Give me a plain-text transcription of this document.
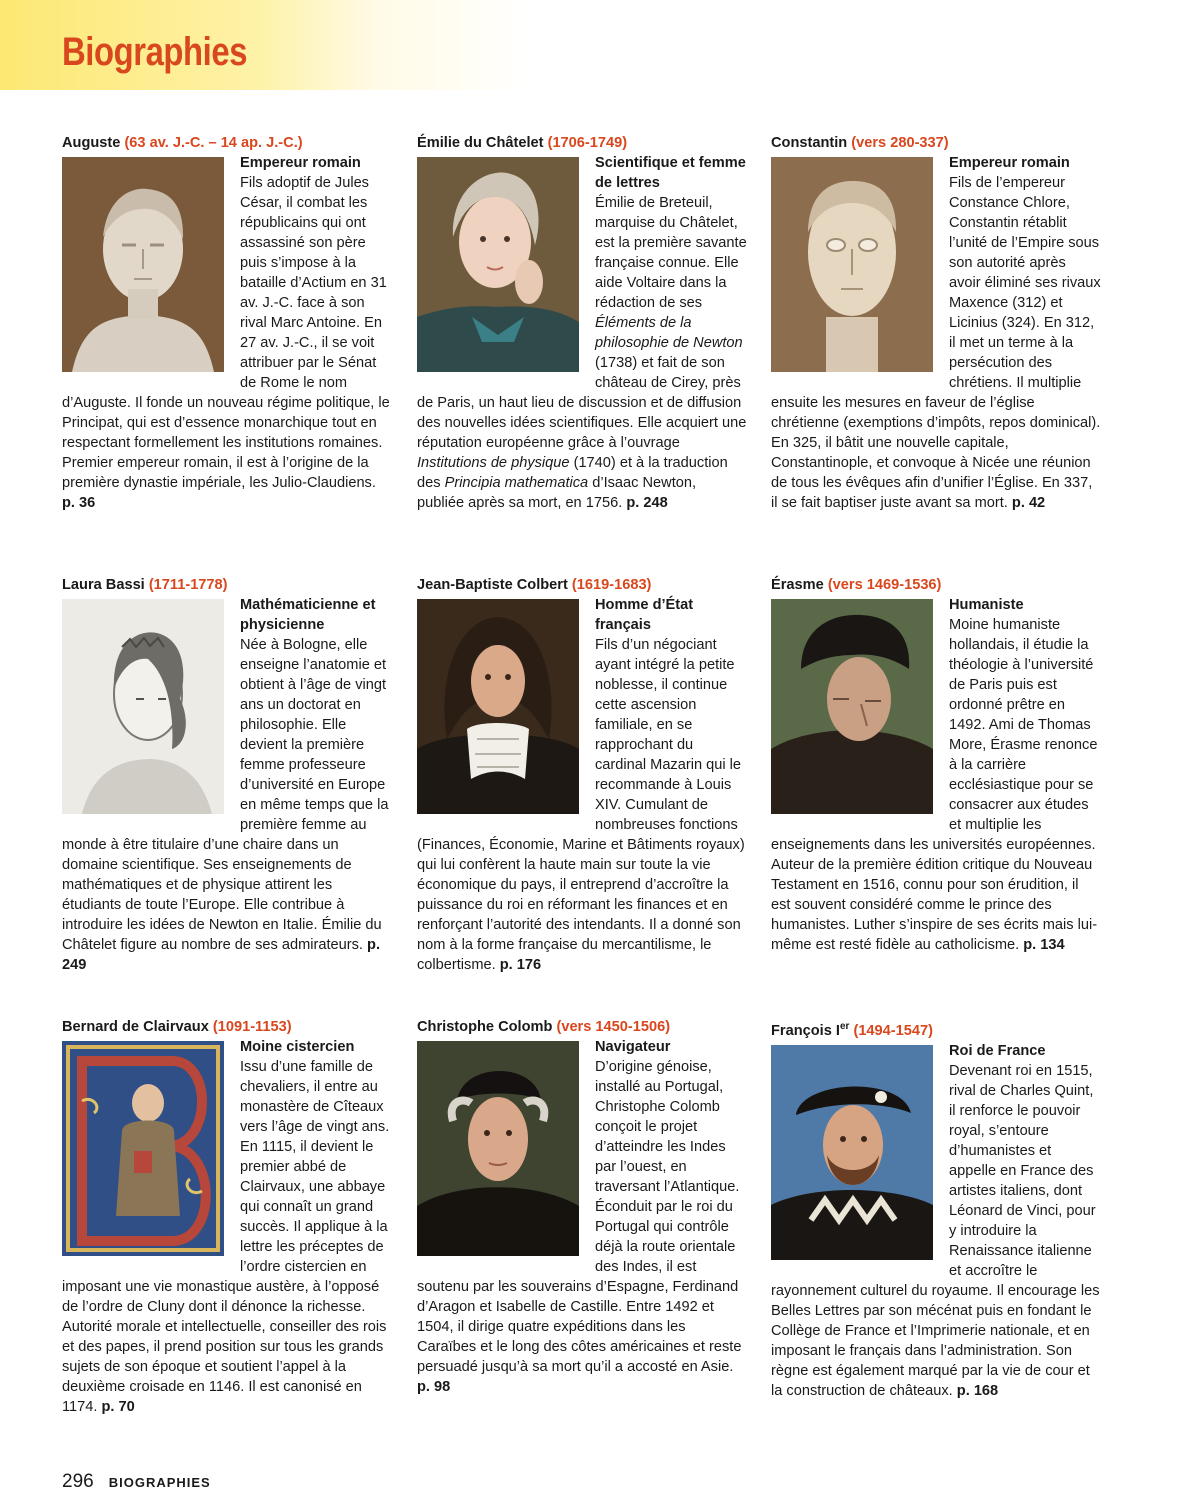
Biographies
Auguste (63 av. J.-C. – 14 ap. J.-C.)
Empereur romain
Fils adoptif de Jules César, il combat les républicains qui ont assassiné son père puis s’impose à la bataille d’Actium en 31 av. J.-C. face à son rival Marc Antoine. En 27 av. J.-C., il se voit attribuer par le Sénat de Rome le nom d’Auguste. Il fonde un nouveau régime politique, le Principat, qui est d’essence monarchique tout en respectant formellement les institutions romaines. Premier empereur romain, il est à l’origine de la première dynastie impériale, les Julio-Claudiens. p. 36
Émilie du Châtelet (1706-1749)
Scientifique et femme de lettres
Émilie de Breteuil, marquise du Châtelet, est la première savante française connue. Elle aide Voltaire dans la rédaction de ses Éléments de la philosophie de Newton (1738) et fait de son château de Cirey, près de Paris, un haut lieu de discussion et de diffusion des nouvelles idées scientifiques. Elle acquiert une réputation européenne grâce à l’ouvrage Institutions de physique (1740) et à la traduction des Principia mathematica d’Isaac Newton, publiée après sa mort, en 1756. p. 248
Constantin (vers 280-337)
Empereur romain
Fils de l’empereur Constance Chlore, Constantin rétablit l’unité de l’Empire sous son autorité après avoir éliminé ses rivaux Maxence (312) et Licinius (324). En 312, il met un terme à la persécution des chrétiens. Il multiplie ensuite les mesures en faveur de l’église chrétienne (exemptions d’impôts, repos dominical). En 325, il bâtit une nouvelle capitale, Constantinople, et convoque à Nicée une réunion de tous les évêques afin d’unifier l’Église. En 337, il se fait baptiser juste avant sa mort. p. 42
Laura Bassi (1711-1778)
Mathématicienne et physicienne
Née à Bologne, elle enseigne l’anatomie et obtient à l’âge de vingt ans un doctorat en philosophie. Elle devient la première femme professeure d’université en Europe en même temps que la première femme au monde à être titulaire d’une chaire dans un domaine scientifique. Ses enseignements de mathématiques et de physique attirent les étudiants de toute l’Europe. Elle contribue à introduire les idées de Newton en Italie. Émilie du Châtelet figure au nombre de ses admirateurs. p. 249
Jean-Baptiste Colbert (1619-1683)
Homme d’État français
Fils d’un négociant ayant intégré la petite noblesse, il continue cette ascension familiale, en se rapprochant du cardinal Mazarin qui le recommande à Louis XIV. Cumulant de nombreuses fonctions (Finances, Économie, Marine et Bâtiments royaux) qui lui confèrent la haute main sur toute la vie économique du pays, il entreprend d’accroître la puissance du roi en réformant les finances et en renforçant l’autorité des intendants. Il a donné son nom à la forme française du mercantilisme, le colbertisme. p. 176
Érasme (vers 1469-1536)
Humaniste
Moine humaniste hollandais, il étudie la théologie à l’université de Paris puis est ordonné prêtre en 1492. Ami de Thomas More, Érasme renonce à la carrière ecclésiastique pour se consacrer aux études et multiplie les enseignements dans les universités européennes. Auteur de la première édition critique du Nouveau Testament en 1516, connu pour son érudition, il est souvent considéré comme le prince des humanistes. Luther s’inspire de ses écrits mais lui-même est resté fidèle au catholicisme. p. 134
Bernard de Clairvaux (1091-1153)
Moine cistercien
Issu d’une famille de chevaliers, il entre au monastère de Cîteaux vers l’âge de vingt ans. En 1115, il devient le premier abbé de Clairvaux, une abbaye qui connaît un grand succès. Il applique à la lettre les préceptes de l’ordre cistercien en imposant une vie monastique austère, à l’opposé de l’ordre de Cluny dont il dénonce la richesse. Autorité morale et intellectuelle, conseiller des rois et des papes, il prend position sur tous les grands sujets de son époque et soutient l’appel à la deuxième croisade en 1146. Il est canonisé en 1174. p. 70
Christophe Colomb (vers 1450-1506)
Navigateur
D’origine génoise, installé au Portugal, Christophe Colomb conçoit le projet d’atteindre les Indes par l’ouest, en traversant l’Atlantique. Éconduit par le roi du Portugal qui contrôle déjà la route orientale des Indes, il est soutenu par les souverains d’Espagne, Ferdinand d’Aragon et Isabelle de Castille. Entre 1492 et 1504, il dirige quatre expéditions dans les Caraïbes et le long des côtes américaines et reste persuadé jusqu’à sa mort qu’il a accosté en Asie. p. 98
François Ier (1494-1547)
Roi de France
Devenant roi en 1515, rival de Charles Quint, il renforce le pouvoir royal, s’entoure d’humanistes et appelle en France des artistes italiens, dont Léonard de Vinci, pour y introduire la Renaissance italienne et accroître le rayonnement culturel du royaume. Il encourage les Belles Lettres par son mécénat puis en fondant le Collège de France et l’Imprimerie nationale, et en imposant le français dans l’administration. Son règne est également marqué par la vie de cour et la construction de châteaux. p. 168
296 BIOGRAPHIES
